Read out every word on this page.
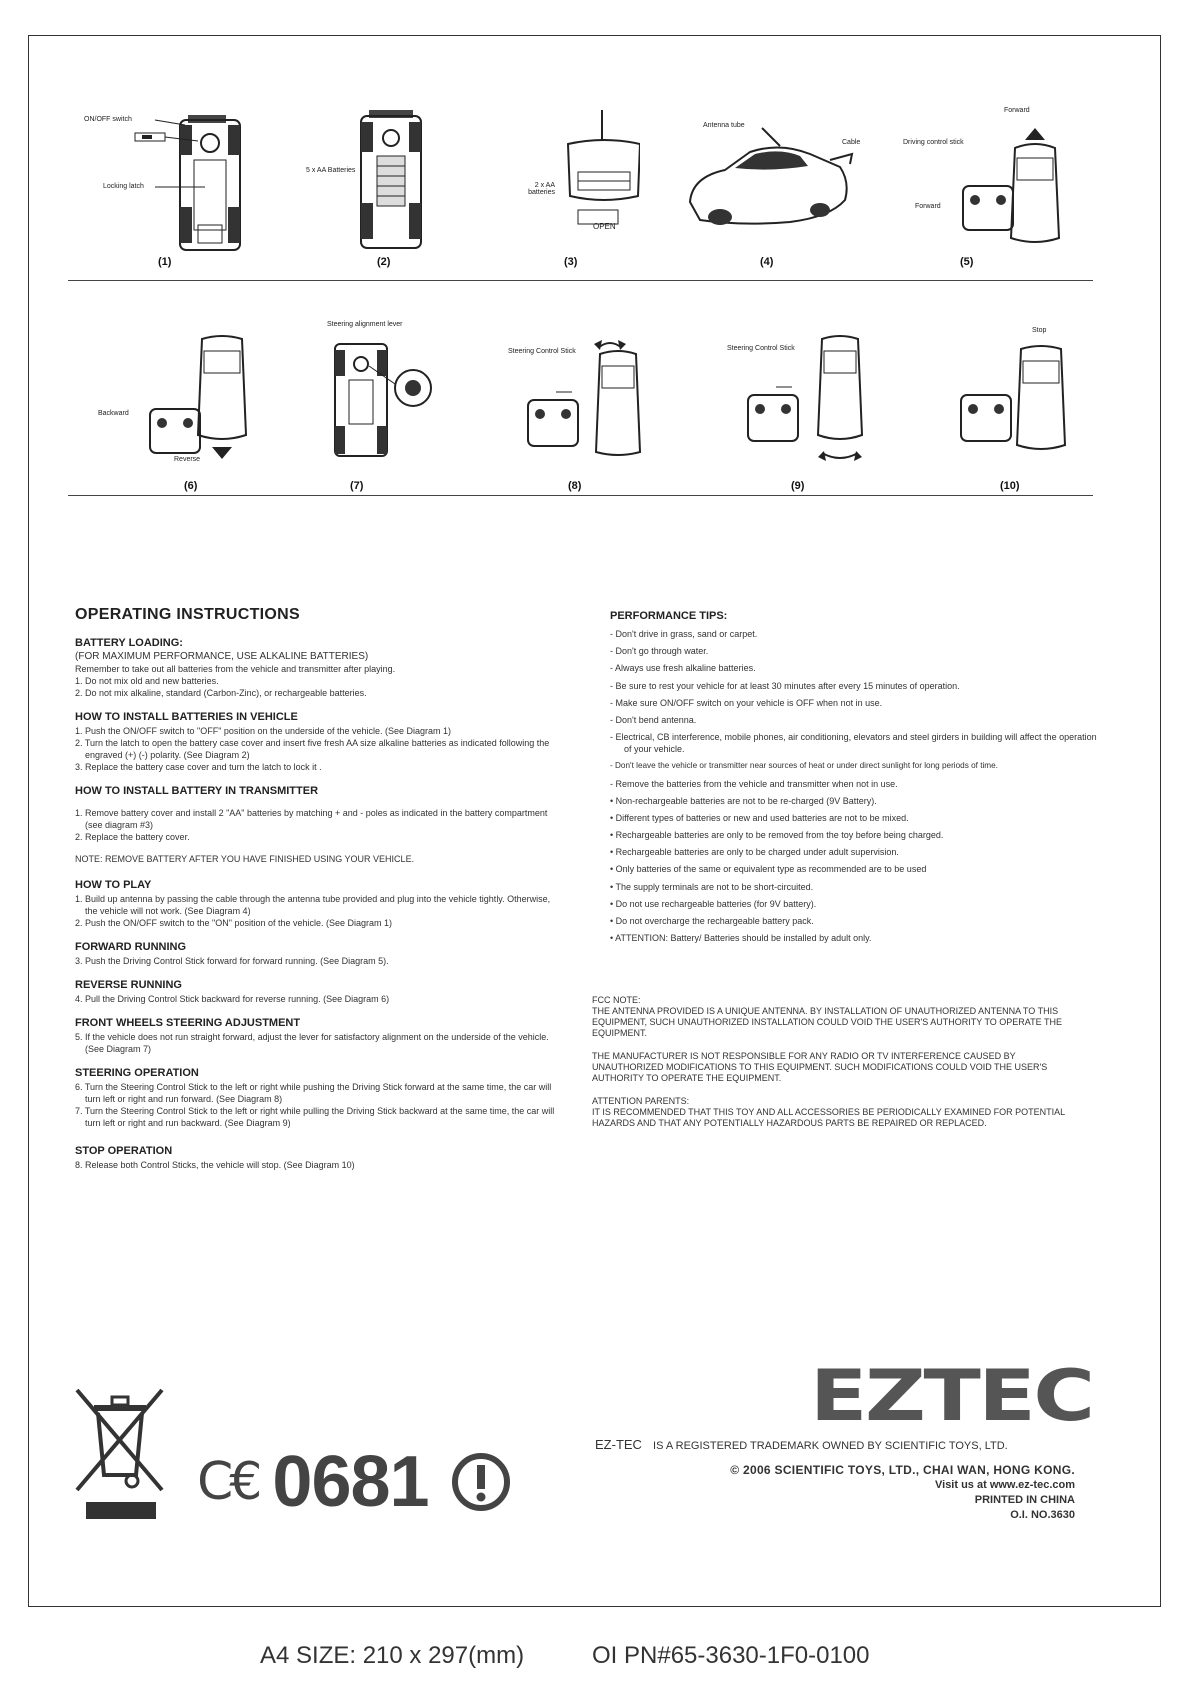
ON/OFF switch
Locking latch
(1)
5 x AA Batteries
(2)
2 x AA batteries
OPEN
(3)
Antenna tube
Cable
(4)
Forward
Driving control stick
Forward
(5)
Backward
Reverse
(6)
Steering alignment lever
(7)
Steering Control Stick
(8)
Steering Control Stick
(9)
Stop
(10)
OPERATING INSTRUCTIONS
BATTERY LOADING:

(FOR MAXIMUM PERFORMANCE, USE ALKALINE BATTERIES)

Remember to take out all batteries from the vehicle and transmitter after playing.

1. Do not mix old and new batteries.
2. Do not mix alkaline, standard (Carbon-Zinc), or rechargeable batteries.
HOW TO INSTALL BATTERIES IN VEHICLE
1. Push the ON/OFF switch to "OFF" position on the underside of the vehicle. (See Diagram 1)
2. Turn the latch to open the battery case cover and insert five fresh AA size alkaline batteries as indicated following the engraved (+) (-) polarity. (See Diagram 2)
3. Replace the battery case cover and turn the latch to lock it .
HOW TO INSTALL BATTERY IN TRANSMITTER
1. Remove battery cover and install 2 "AA" batteries by matching + and - poles as indicated in the battery compartment (see diagram #3)
2. Replace the battery cover.

NOTE: REMOVE BATTERY AFTER YOU HAVE FINISHED USING YOUR VEHICLE.

HOW TO PLAY
1. Build up antenna by passing the cable through the antenna tube provided and plug into the vehicle tightly. Otherwise, the vehicle will not work. (See Diagram 4)
2. Push the ON/OFF switch to the "ON" position of the vehicle. (See Diagram 1)
FORWARD RUNNING
3. Push the Driving Control Stick forward for forward running. (See Diagram 5).
REVERSE RUNNING
4. Pull the Driving Control Stick backward for reverse running. (See Diagram 6)
FRONT WHEELS STEERING ADJUSTMENT
5. If the vehicle does not run straight forward, adjust the lever for satisfactory alignment on the underside of the vehicle. (See Diagram 7)
STEERING OPERATION
6. Turn the Steering Control Stick to the left or right while pushing the Driving Stick forward at the same time, the car will turn left or right and run forward. (See Diagram 8)
7. Turn the Steering Control Stick to the left or right while pulling the Driving Stick backward at the same time, the car will turn left or right and run backward. (See Diagram 9)
STOP OPERATION
8. Release both Control Sticks, the vehicle will stop. (See Diagram 10)
PERFORMANCE TIPS:
- Don't drive in grass, sand or carpet.
- Don't go through water.
- Always use fresh alkaline batteries.
- Be sure to rest your vehicle for at least 30 minutes after every 15 minutes of operation.
- Make sure ON/OFF switch on your vehicle is OFF when not in use.
- Don't bend antenna.
- Electrical, CB interference, mobile phones, air conditioning, elevators and steel girders in building will affect the operation of your vehicle.
- Don't leave the vehicle or transmitter near sources of heat or under direct sunlight for long periods of time.
- Remove the batteries from the vehicle and transmitter when not in use.
• Non-rechargeable batteries are not to be re-charged (9V Battery).
• Different types of batteries or new and used batteries are not to be mixed.
• Rechargeable batteries are only to be removed from the toy before being charged.
• Rechargeable batteries are only to be charged under adult supervision.
• Only batteries of the same or equivalent type as recommended are to be used
• The supply terminals are not to be short-circuited.
• Do not use rechargeable batteries (for 9V battery).
• Do not overcharge the rechargeable battery pack.
• ATTENTION: Battery/ Batteries should be installed by adult only.

FCC NOTE:

THE ANTENNA PROVIDED IS A UNIQUE ANTENNA. BY INSTALLATION OF UNAUTHORIZED ANTENNA TO THIS EQUIPMENT, SUCH UNAUTHORIZED INSTALLATION COULD VOID THE USER'S AUTHORITY TO OPERATE THE EQUIPMENT.

THE MANUFACTURER IS NOT RESPONSIBLE FOR ANY RADIO OR TV INTERFERENCE CAUSED BY UNAUTHORIZED MODIFICATIONS TO THIS EQUIPMENT. SUCH MODIFICATIONS COULD VOID THE USER'S AUTHORITY TO OPERATE THE EQUIPMENT.

ATTENTION PARENTS:

IT IS RECOMMENDED THAT THIS TOY AND ALL ACCESSORIES BE PERIODICALLY EXAMINED FOR POTENTIAL HAZARDS AND THAT ANY POTENTIALLY HAZARDOUS PARTS BE REPAIRED OR REPLACED.

C€ 0681
EZTEC
EZ-TEC IS A REGISTERED TRADEMARK OWNED BY SCIENTIFIC TOYS, LTD.
© 2006 SCIENTIFIC TOYS, LTD., CHAI WAN, HONG KONG.
Visit us at www.ez-tec.com
PRINTED IN CHINA
O.I. NO.3630
A4 SIZE: 210 x 297(mm)	OI PN#65-3630-1F0-0100
